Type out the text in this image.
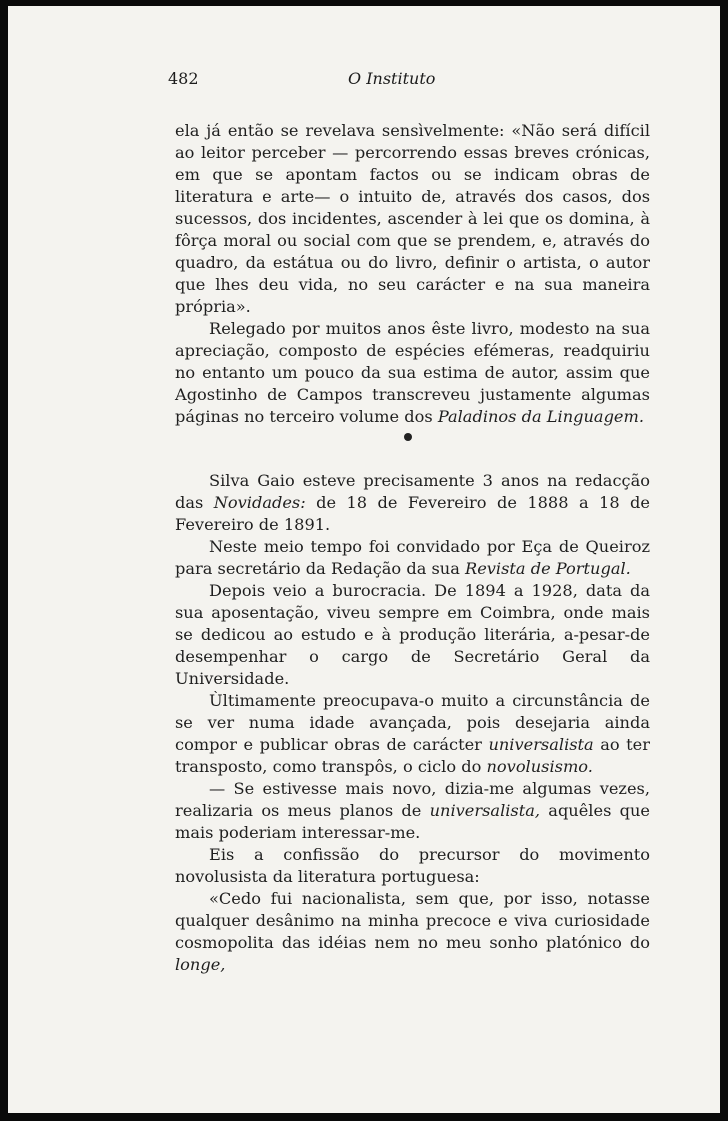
482	O Instituto

ela já então se revelava sensìvelmente: «Não será difícil ao leitor perceber — percorrendo essas breves crónicas, em que se apontam factos ou se indicam obras de literatura e arte— o intuito de, através dos casos, dos sucessos, dos incidentes, ascender à lei que os domina, à fôrça moral ou social com que se prendem, e, através do quadro, da estátua ou do livro, definir o artista, o autor que lhes deu vida, no seu carácter e na sua maneira própria».

Relegado por muitos anos êste livro, modesto na sua apreciação, composto de espécies efémeras, readquiriu no entanto um pouco da sua estima de autor, assim que Agostinho de Campos transcreveu justamente algumas páginas no terceiro volume dos Paladinos da Linguagem.

Silva Gaio esteve precisamente 3 anos na redacção das Novidades: de 18 de Fevereiro de 1888 a 18 de Fevereiro de 1891.

Neste meio tempo foi convidado por Eça de Queiroz para secretário da Redação da sua Revista de Portugal.

Depois veio a burocracia. De 1894 a 1928, data da sua aposentação, viveu sempre em Coimbra, onde mais se dedicou ao estudo e à produção literária, a-pesar-de desempenhar o cargo de Secretário Geral da Universidade.

Ùltimamente preocupava-o muito a circunstância de se ver numa idade avançada, pois desejaria ainda compor e publicar obras de carácter universalista ao ter transposto, como transpôs, o ciclo do novolusismo.

— Se estivesse mais novo, dizia-me algumas vezes, realizaria os meus planos de universalista, aquêles que mais poderiam interessar-me.

Eis a confissão do precursor do movimento novolusista da literatura portuguesa:

«Cedo fui nacionalista, sem que, por isso, notasse qualquer desânimo na minha precoce e viva curiosidade cosmopolita das idéias nem no meu sonho platónico do longe,
